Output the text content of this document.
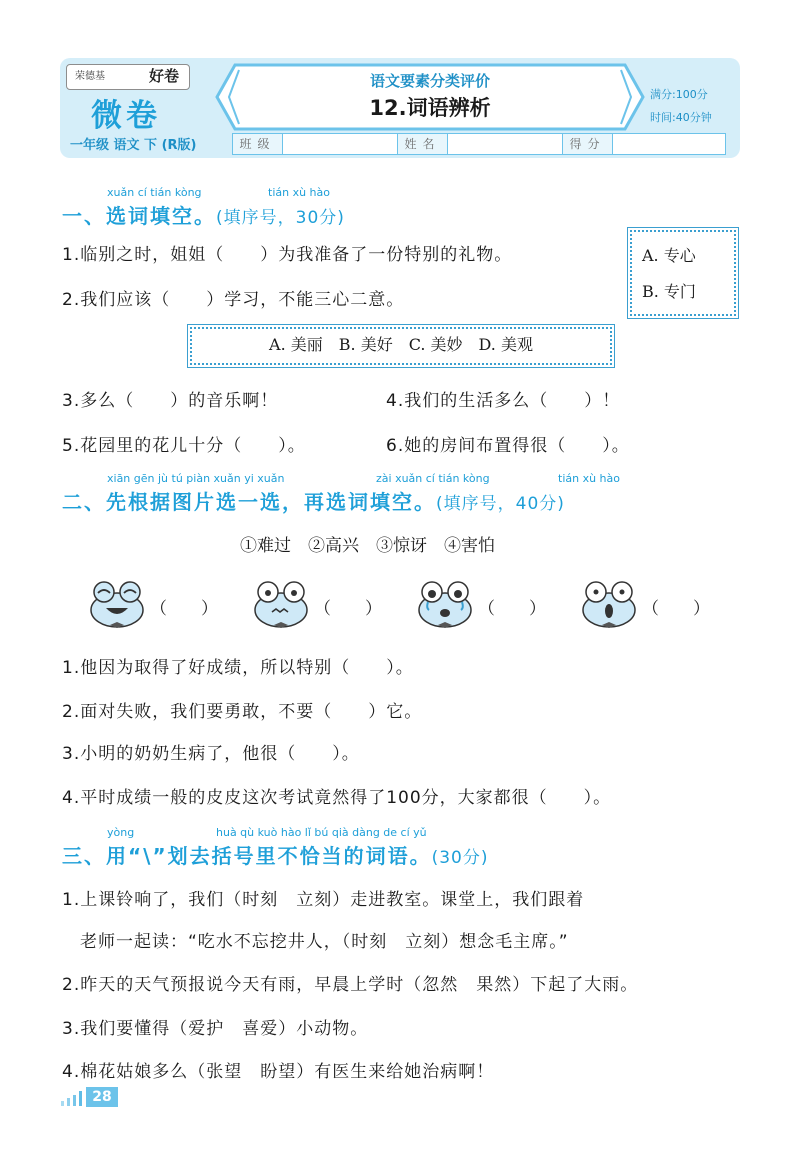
荣德基	好卷
微卷
一年级 语文 下 (R版)
语文要素分类评价
12.词语辨析
满分:100分
时间:40分钟
班级	姓名	得分
xuǎn cí tián kòng	tián xù hào
一、选词填空。(填序号，30分)
1.临别之时，姐姐（　　）为我准备了一份特别的礼物。
2.我们应该（　　）学习，不能三心二意。
A. 专心
B. 专门
A. 美丽　B. 美好　C. 美妙　D. 美观
3.多么（　　）的音乐啊！	4.我们的生活多么（　　）！
5.花园里的花儿十分（　　）。	6.她的房间布置得很（　　）。
xiān gēn jù tú piàn xuǎn yi xuǎn	zài xuǎn cí tián kòng	tián xù hào
二、先根据图片选一选，再选词填空。(填序号，40分)
①难过　②高兴　③惊讶　④害怕
（　　）	（　　）	（　　）	（　　）
1.他因为取得了好成绩，所以特别（　　）。
2.面对失败，我们要勇敢，不要（　　）它。
3.小明的奶奶生病了，他很（　　）。
4.平时成绩一般的皮皮这次考试竟然得了100分，大家都很（　　）。
yòng	huà qù kuò hào lǐ bú qià dàng de cí yǔ
三、用“\”划去括号里不恰当的词语。(30分)
1.上课铃响了，我们（时刻　立刻）走进教室。课堂上，我们跟着
老师一起读：“吃水不忘挖井人，（时刻　立刻）想念毛主席。”
2.昨天的天气预报说今天有雨，早晨上学时（忽然　果然）下起了大雨。
3.我们要懂得（爱护　喜爱）小动物。
4.棉花姑娘多么（张望　盼望）有医生来给她治病啊！
28
